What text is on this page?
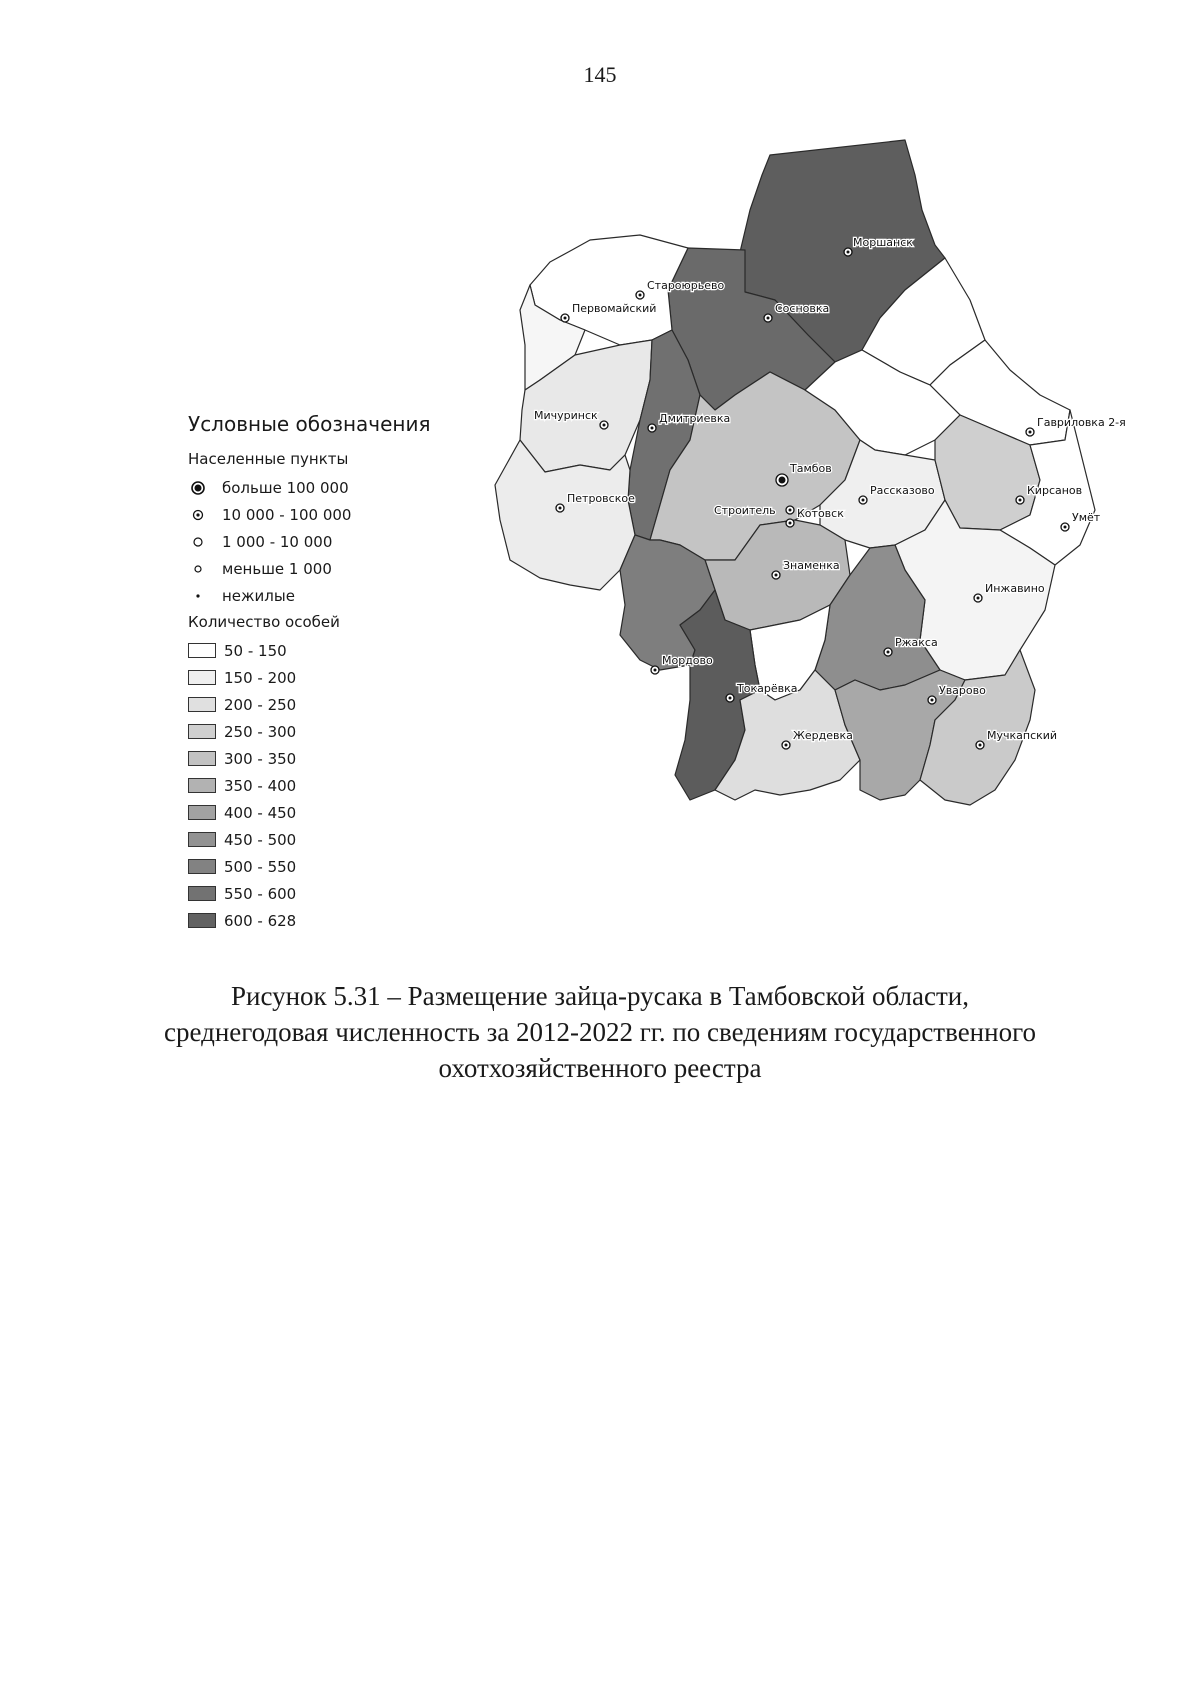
145
Моршанск
Староюрьево
Первомайский	Сосновка
Мичуринск	Дмитриевка	Гавриловка 2-я
Тамбов
Петровское
Рассказово	Кирсанов
Строитель Котовск	Умёт
Знаменка
Инжавино
Ржакса
Мордово
Токарёвка	Уварово
Жердевка	Мучкапский
Условные обозначения
Населенные пункты
больше 100 000
10 000 - 100 000
1 000 - 10 000
меньше 1 000
нежилые
Количество особей
50 - 150
150 - 200
200 - 250
250 - 300
300 - 350
350 - 400
400 - 450
450 - 500
500 - 550
550 - 600
600 - 628
Рисунок 5.31 – Размещение зайца-русака в Тамбовской области,
среднегодовая численность за 2012-2022 гг. по сведениям государственного
охотхозяйственного реестра
